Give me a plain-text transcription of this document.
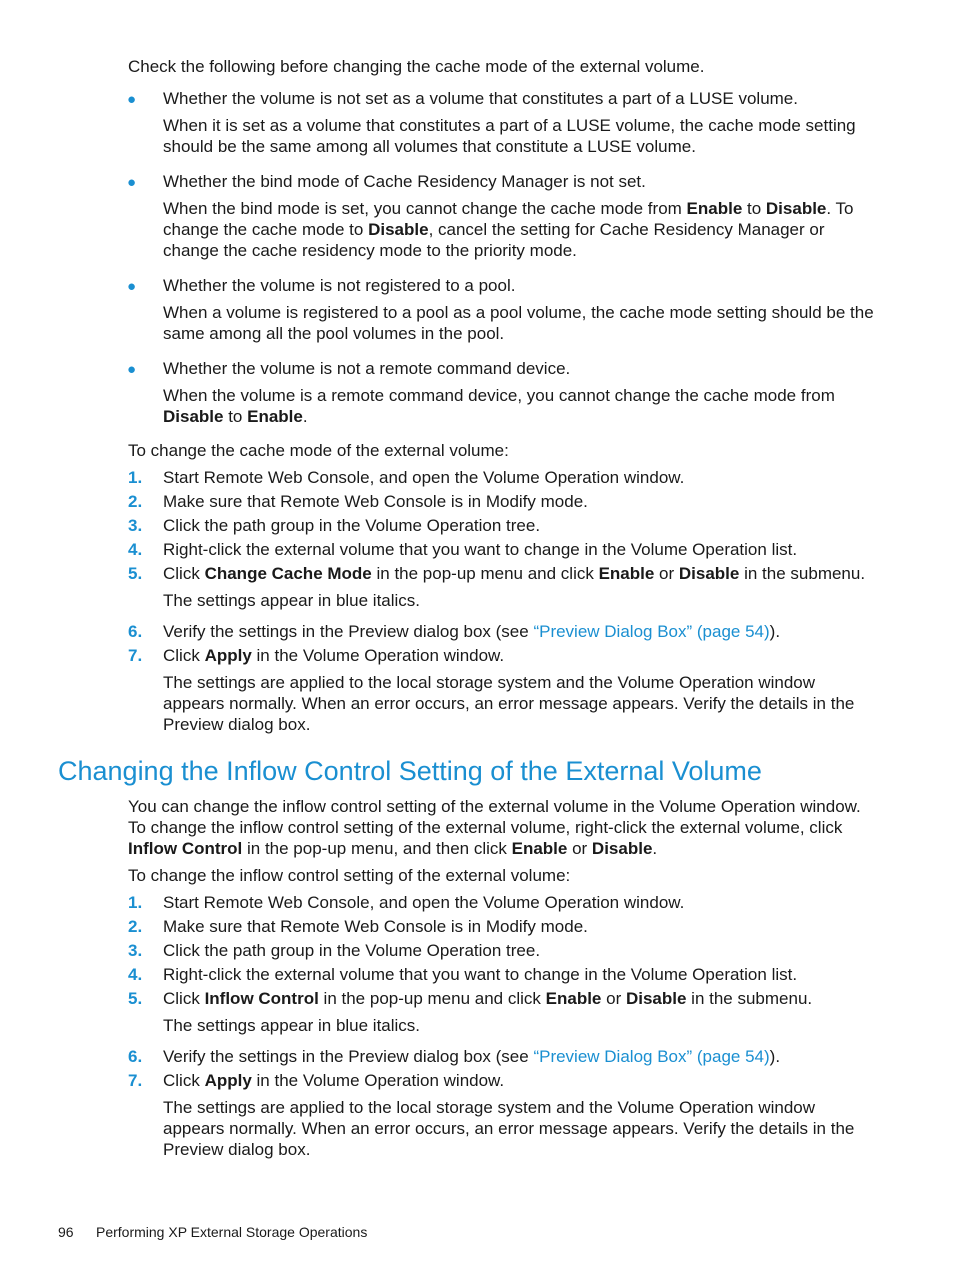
Check the following before changing the cache mode of the external volume.

● Whether the volume is not set as a volume that constitutes a part of a LUSE volume.

When it is set as a volume that constitutes a part of a LUSE volume, the cache mode setting should be the same among all volumes that constitute a LUSE volume.

● Whether the bind mode of Cache Residency Manager is not set.

When the bind mode is set, you cannot change the cache mode from Enable to Disable. To change the cache mode to Disable, cancel the setting for Cache Residency Manager or change the cache residency mode to the priority mode.

● Whether the volume is not registered to a pool.

When a volume is registered to a pool as a pool volume, the cache mode setting should be the same among all the pool volumes in the pool.

● Whether the volume is not a remote command device.

When the volume is a remote command device, you cannot change the cache mode from Disable to Enable.

To change the cache mode of the external volume:

1.	Start Remote Web Console, and open the Volume Operation window.

2.	Make sure that Remote Web Console is in Modify mode.

3.	Click the path group in the Volume Operation tree.

4.	Right-click the external volume that you want to change in the Volume Operation list.

5.	Click Change Cache Mode in the pop-up menu and click Enable or Disable in the submenu.

The settings appear in blue italics.

6.	Verify the settings in the Preview dialog box (see “Preview Dialog Box” (page 54)).

7.	Click Apply in the Volume Operation window.

The settings are applied to the local storage system and the Volume Operation window appears normally. When an error occurs, an error message appears. Verify the details in the Preview dialog box.

Changing the Inflow Control Setting of the External Volume

You can change the inflow control setting of the external volume in the Volume Operation window. To change the inflow control setting of the external volume, right-click the external volume, click Inflow Control in the pop-up menu, and then click Enable or Disable.

To change the inflow control setting of the external volume:

1.	Start Remote Web Console, and open the Volume Operation window.

2.	Make sure that Remote Web Console is in Modify mode.

3.	Click the path group in the Volume Operation tree.

4.	Right-click the external volume that you want to change in the Volume Operation list.

5.	Click Inflow Control in the pop-up menu and click Enable or Disable in the submenu.

The settings appear in blue italics.

6.	Verify the settings in the Preview dialog box (see “Preview Dialog Box” (page 54)).

7.	Click Apply in the Volume Operation window.

The settings are applied to the local storage system and the Volume Operation window appears normally. When an error occurs, an error message appears. Verify the details in the Preview dialog box.

96 Performing XP External Storage Operations
